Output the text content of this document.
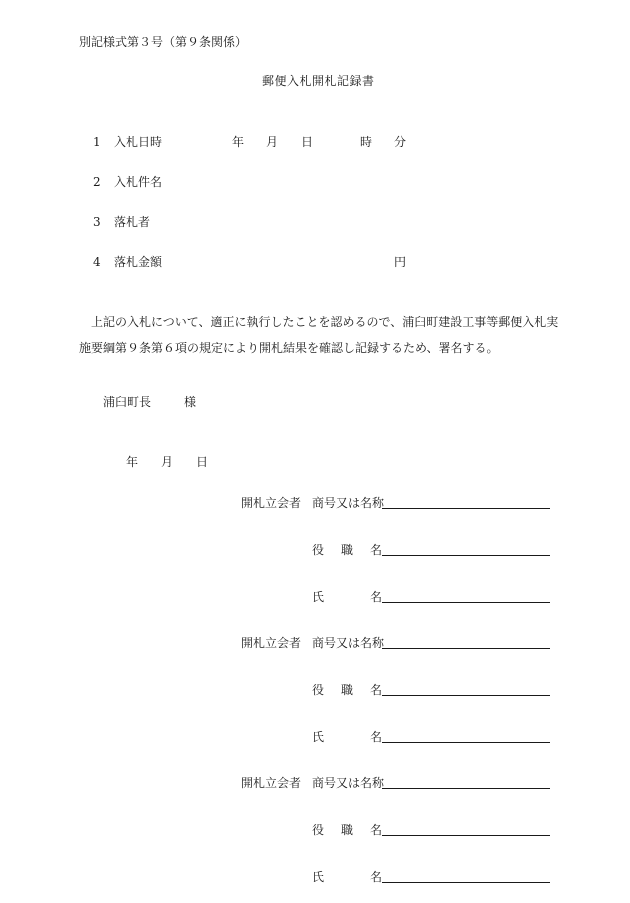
別記様式第３号（第９条関係）
郵便入札開札記録書
1 入札日時	年 月 日	時 分
2 入札件名
3 落札者
4 落札金額	円

上記の入札について、適正に執行したことを認めるので、浦臼町建設工事等郵便入札実

施要綱第９条第６項の規定により開札結果を確認し記録するため、署名する。

浦臼町長	様
年 月 日
開札立会者 商号又は名称
役 職 名
氏	名
開札立会者 商号又は名称
役 職 名
氏	名
開札立会者 商号又は名称
役 職 名
氏	名
